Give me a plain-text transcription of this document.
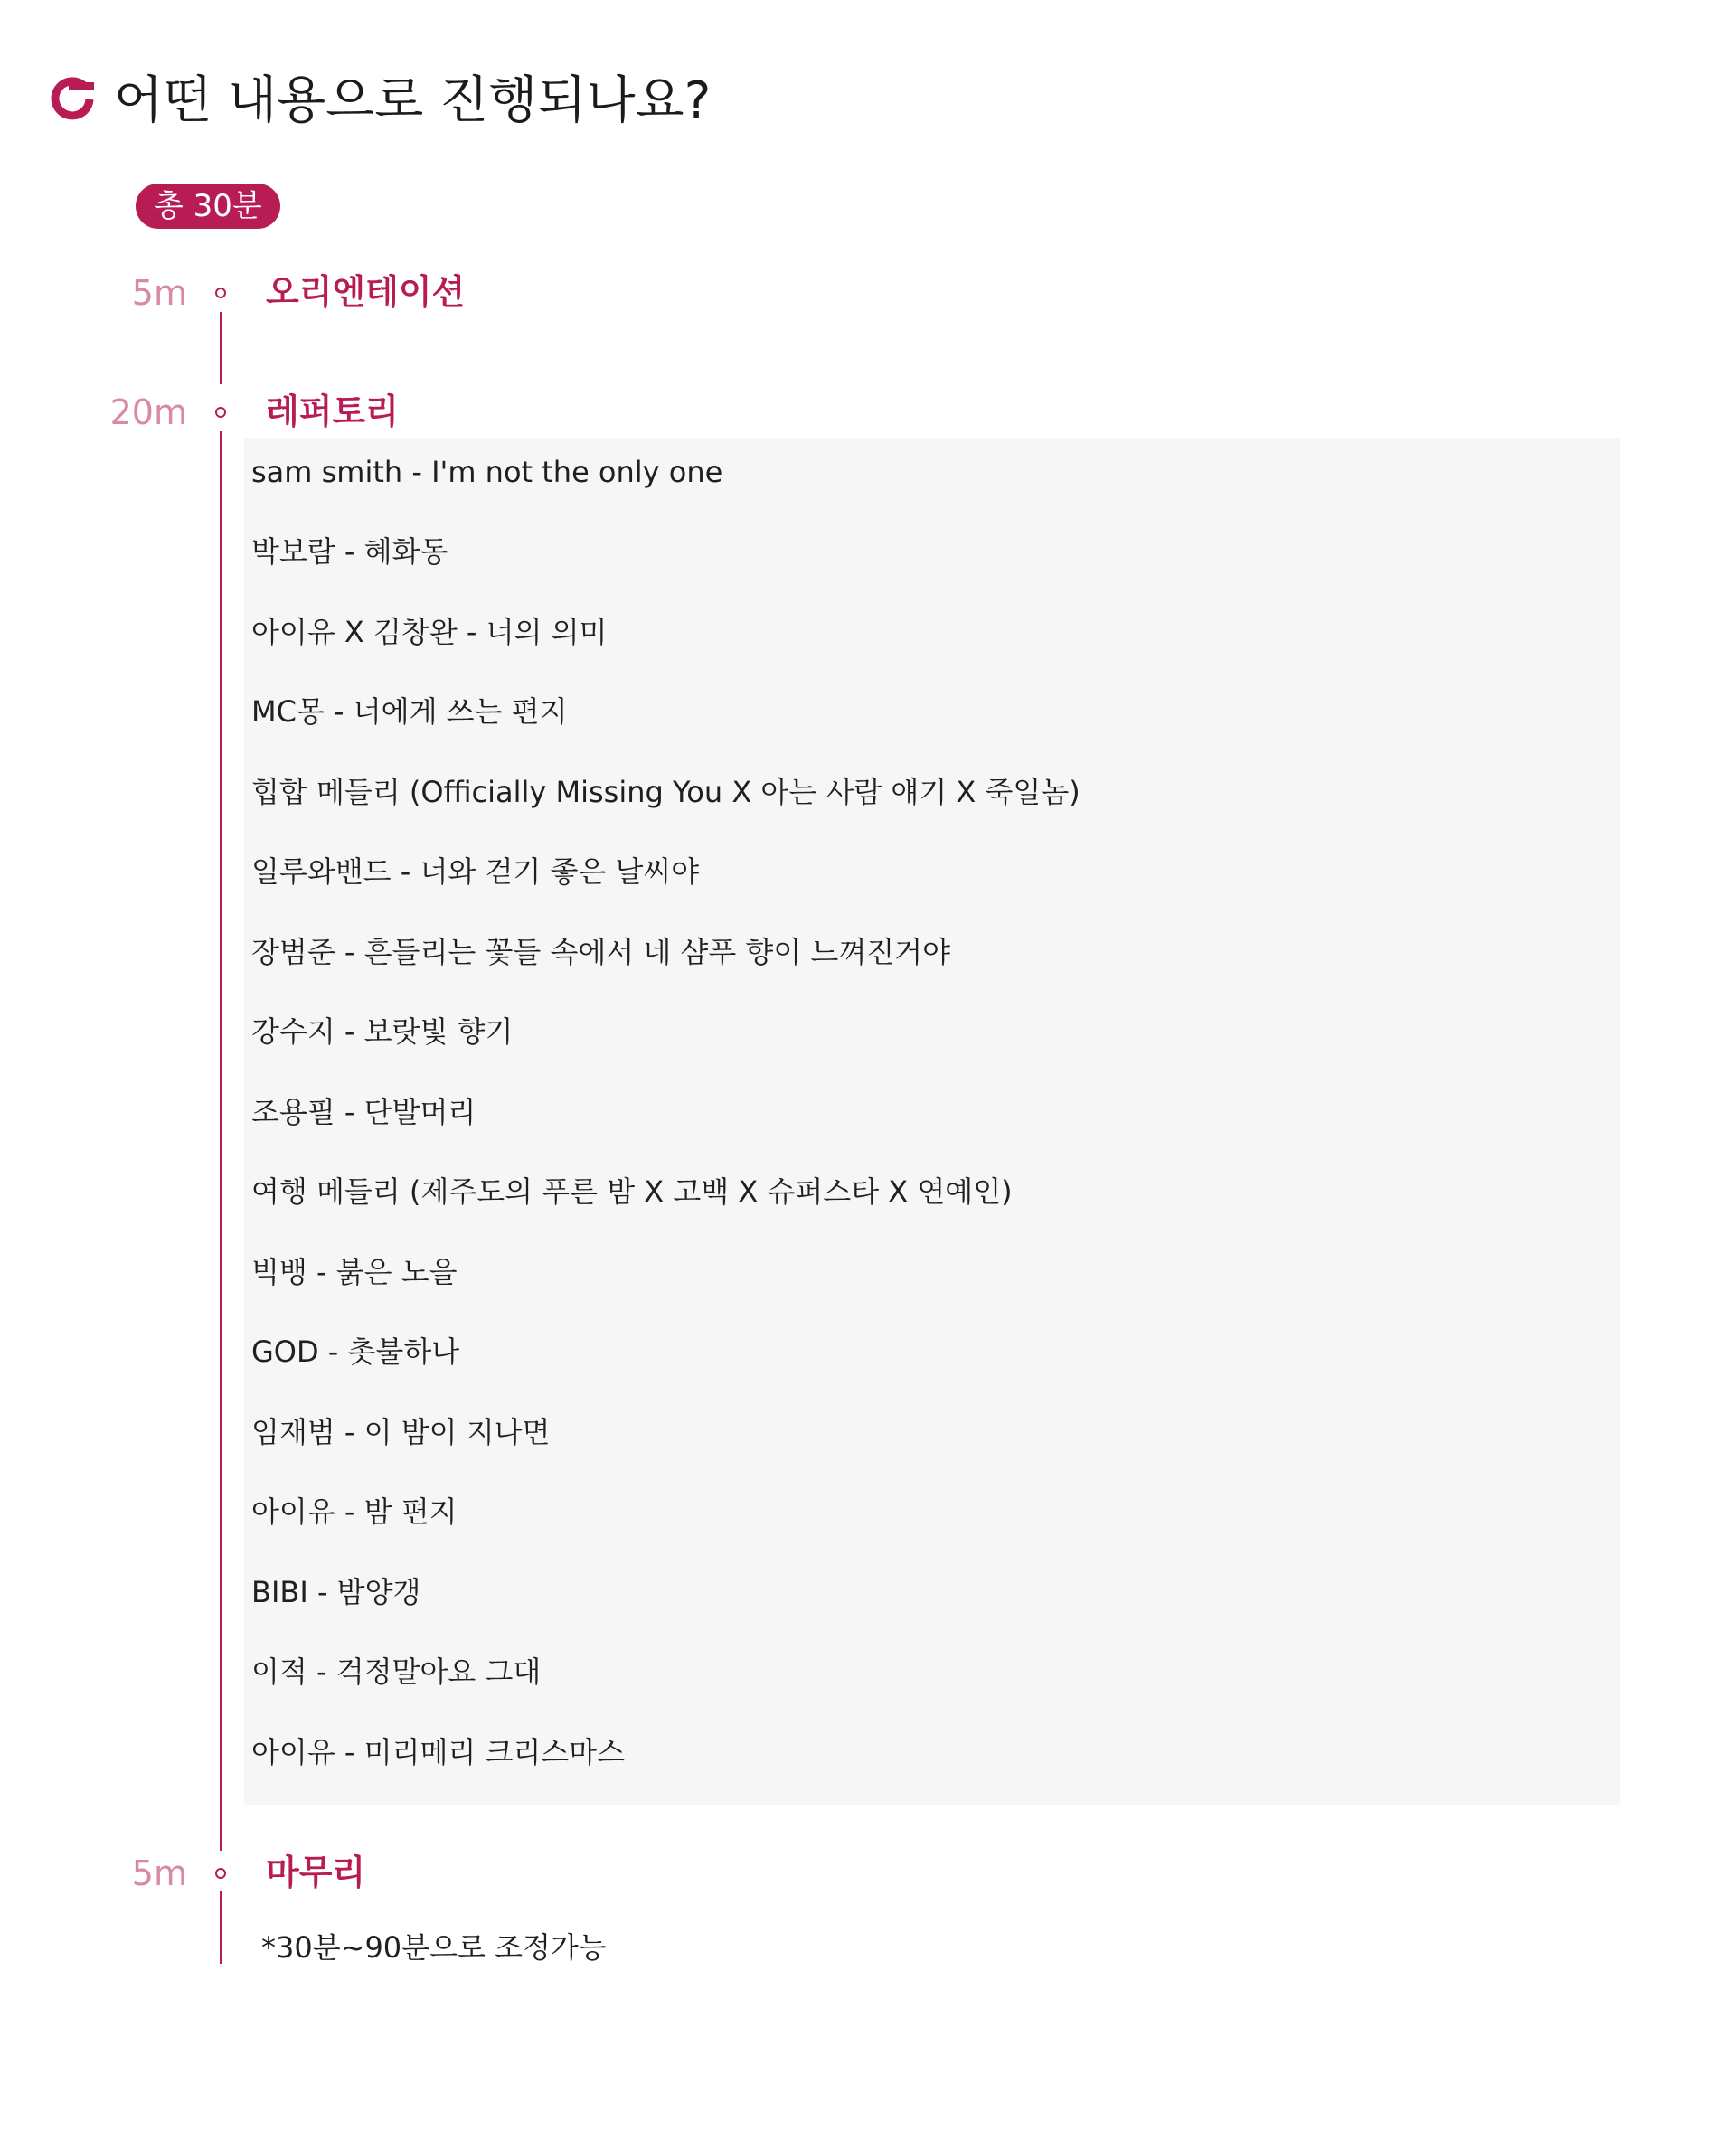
어떤 내용으로 진행되나요?
총 30분
5m 오리엔테이션
20m 레퍼토리
sam smith - I'm not the only one
박보람 - 혜화동
아이유 X 김창완 - 너의 의미
MC몽 - 너에게 쓰는 편지
힙합 메들리 (Officially Missing You X 아는 사람 얘기 X 죽일놈)
일루와밴드 - 너와 걷기 좋은 날씨야
장범준 - 흔들리는 꽃들 속에서 네 샴푸 향이 느껴진거야
강수지 - 보랏빛 향기
조용필 - 단발머리
여행 메들리 (제주도의 푸른 밤 X 고백 X 슈퍼스타 X 연예인)
빅뱅 - 붉은 노을
GOD - 촛불하나
임재범 - 이 밤이 지나면
아이유 - 밤 편지
BIBI - 밤양갱
이적 - 걱정말아요 그대
아이유 - 미리메리 크리스마스
5m 마무리
*30분~90분으로 조정가능
